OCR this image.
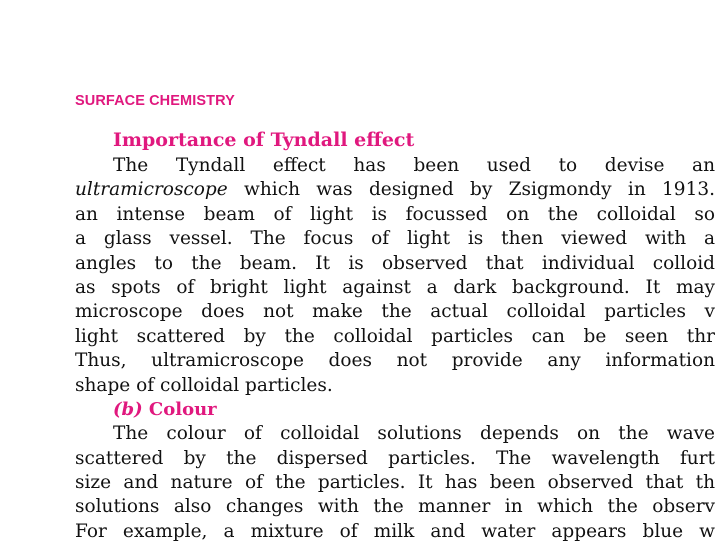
SURFACE CHEMISTRY
Importance of Tyndall effect
The Tyndall effect has been used to devise an
ultramicroscope which was designed by Zsigmondy in 1913.
an intense beam of light is focussed on the colloidal so
a glass vessel. The focus of light is then viewed with a
angles to the beam. It is observed that individual colloid
as spots of bright light against a dark background. It may
microscope does not make the actual colloidal particles v
light scattered by the colloidal particles can be seen thr
Thus, ultramicroscope does not provide any information
shape of colloidal particles.
(b) Colour
The colour of colloidal solutions depends on the wave
scattered by the dispersed particles. The wavelength furt
size and nature of the particles. It has been observed that th
solutions also changes with the manner in which the observ
For example, a mixture of milk and water appears blue w
